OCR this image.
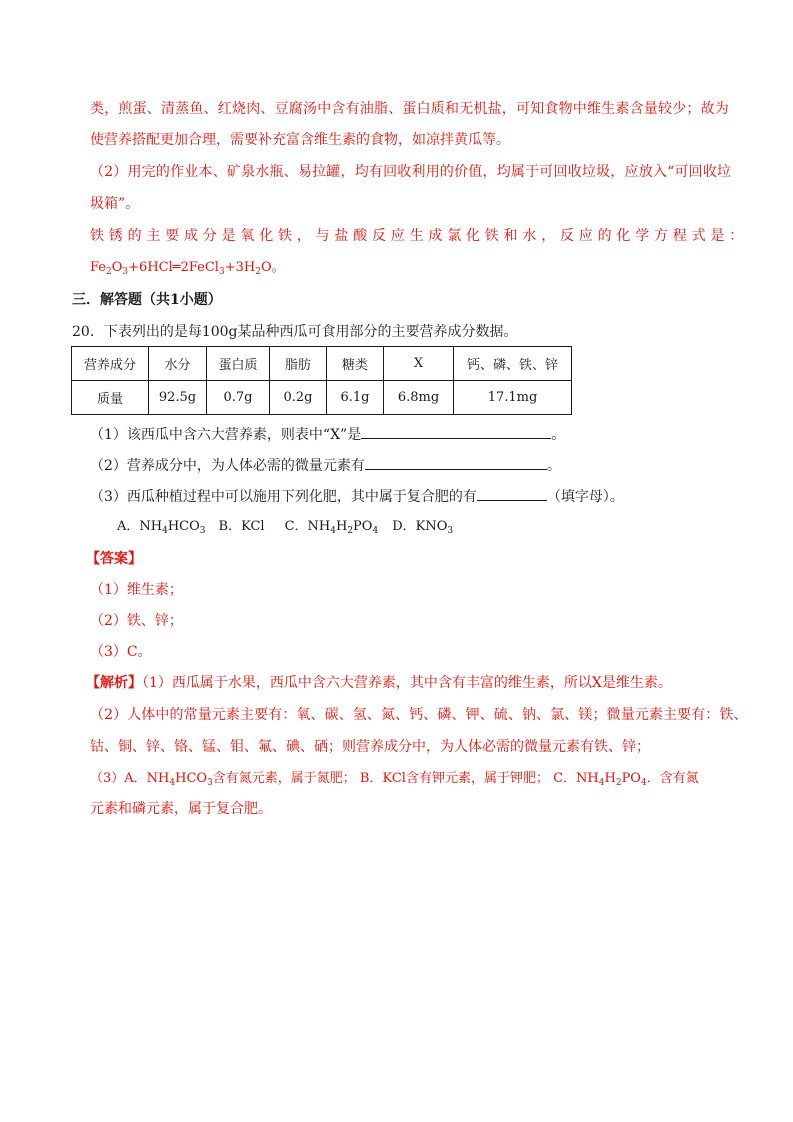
类，煎蛋、清蒸鱼、红烧肉、豆腐汤中含有油脂、蛋白质和无机盐，可知食物中维生素含量较少；故为
使营养搭配更加合理，需要补充富含维生素的食物，如凉拌黄瓜等。
（2）用完的作业本、矿泉水瓶、易拉罐，均有回收利用的价值，均属于可回收垃圾，应放入“可回收垃
圾箱”。
铁锈的主要成分是氧化铁，与盐酸反应生成氯化铁和水，反应的化学方程式是：
$Fe_2O_3+6HCl═2FeCl_3+3H_2O$。
三．解答题（共1小题）
20．下表列出的是每100g某品种西瓜可食用部分的主要营养成分数据。
营养成分	水分	蛋白质	脂肪	糖类	X	钙、磷、铁、锌
质量	92.5g	0.7g	0.2g	6.1g	6.8mg	17.1mg
（1）该西瓜中含六大营养素，则表中“X”是	。
（2）营养成分中，为人体必需的微量元素有	。
（3）西瓜种植过程中可以施用下列化肥，其中属于复合肥的有	（填字母）。
A．$NH_4HCO_3$ B．KCl C．$NH_4H_2PO_4$ D．$KNO_3$
【答案】
（1）维生素；
（2）铁、锌；
（3）C。
【解析】（1）西瓜属于水果，西瓜中含六大营养素，其中含有丰富的维生素，所以X是维生素。
（2）人体中的常量元素主要有：氧、碳、氢、氮、钙、磷、钾、硫、钠、氯、镁；微量元素主要有：铁、
钴、铜、锌、铬、锰、钼、氟、碘、硒；则营养成分中，为人体必需的微量元素有铁、锌；
（3）A．$NH_4HCO_3$含有氮元素，属于氮肥； B．KCl含有钾元素，属于钾肥； C．$NH_4H_2PO_4$．含有氮
元素和磷元素，属于复合肥。
